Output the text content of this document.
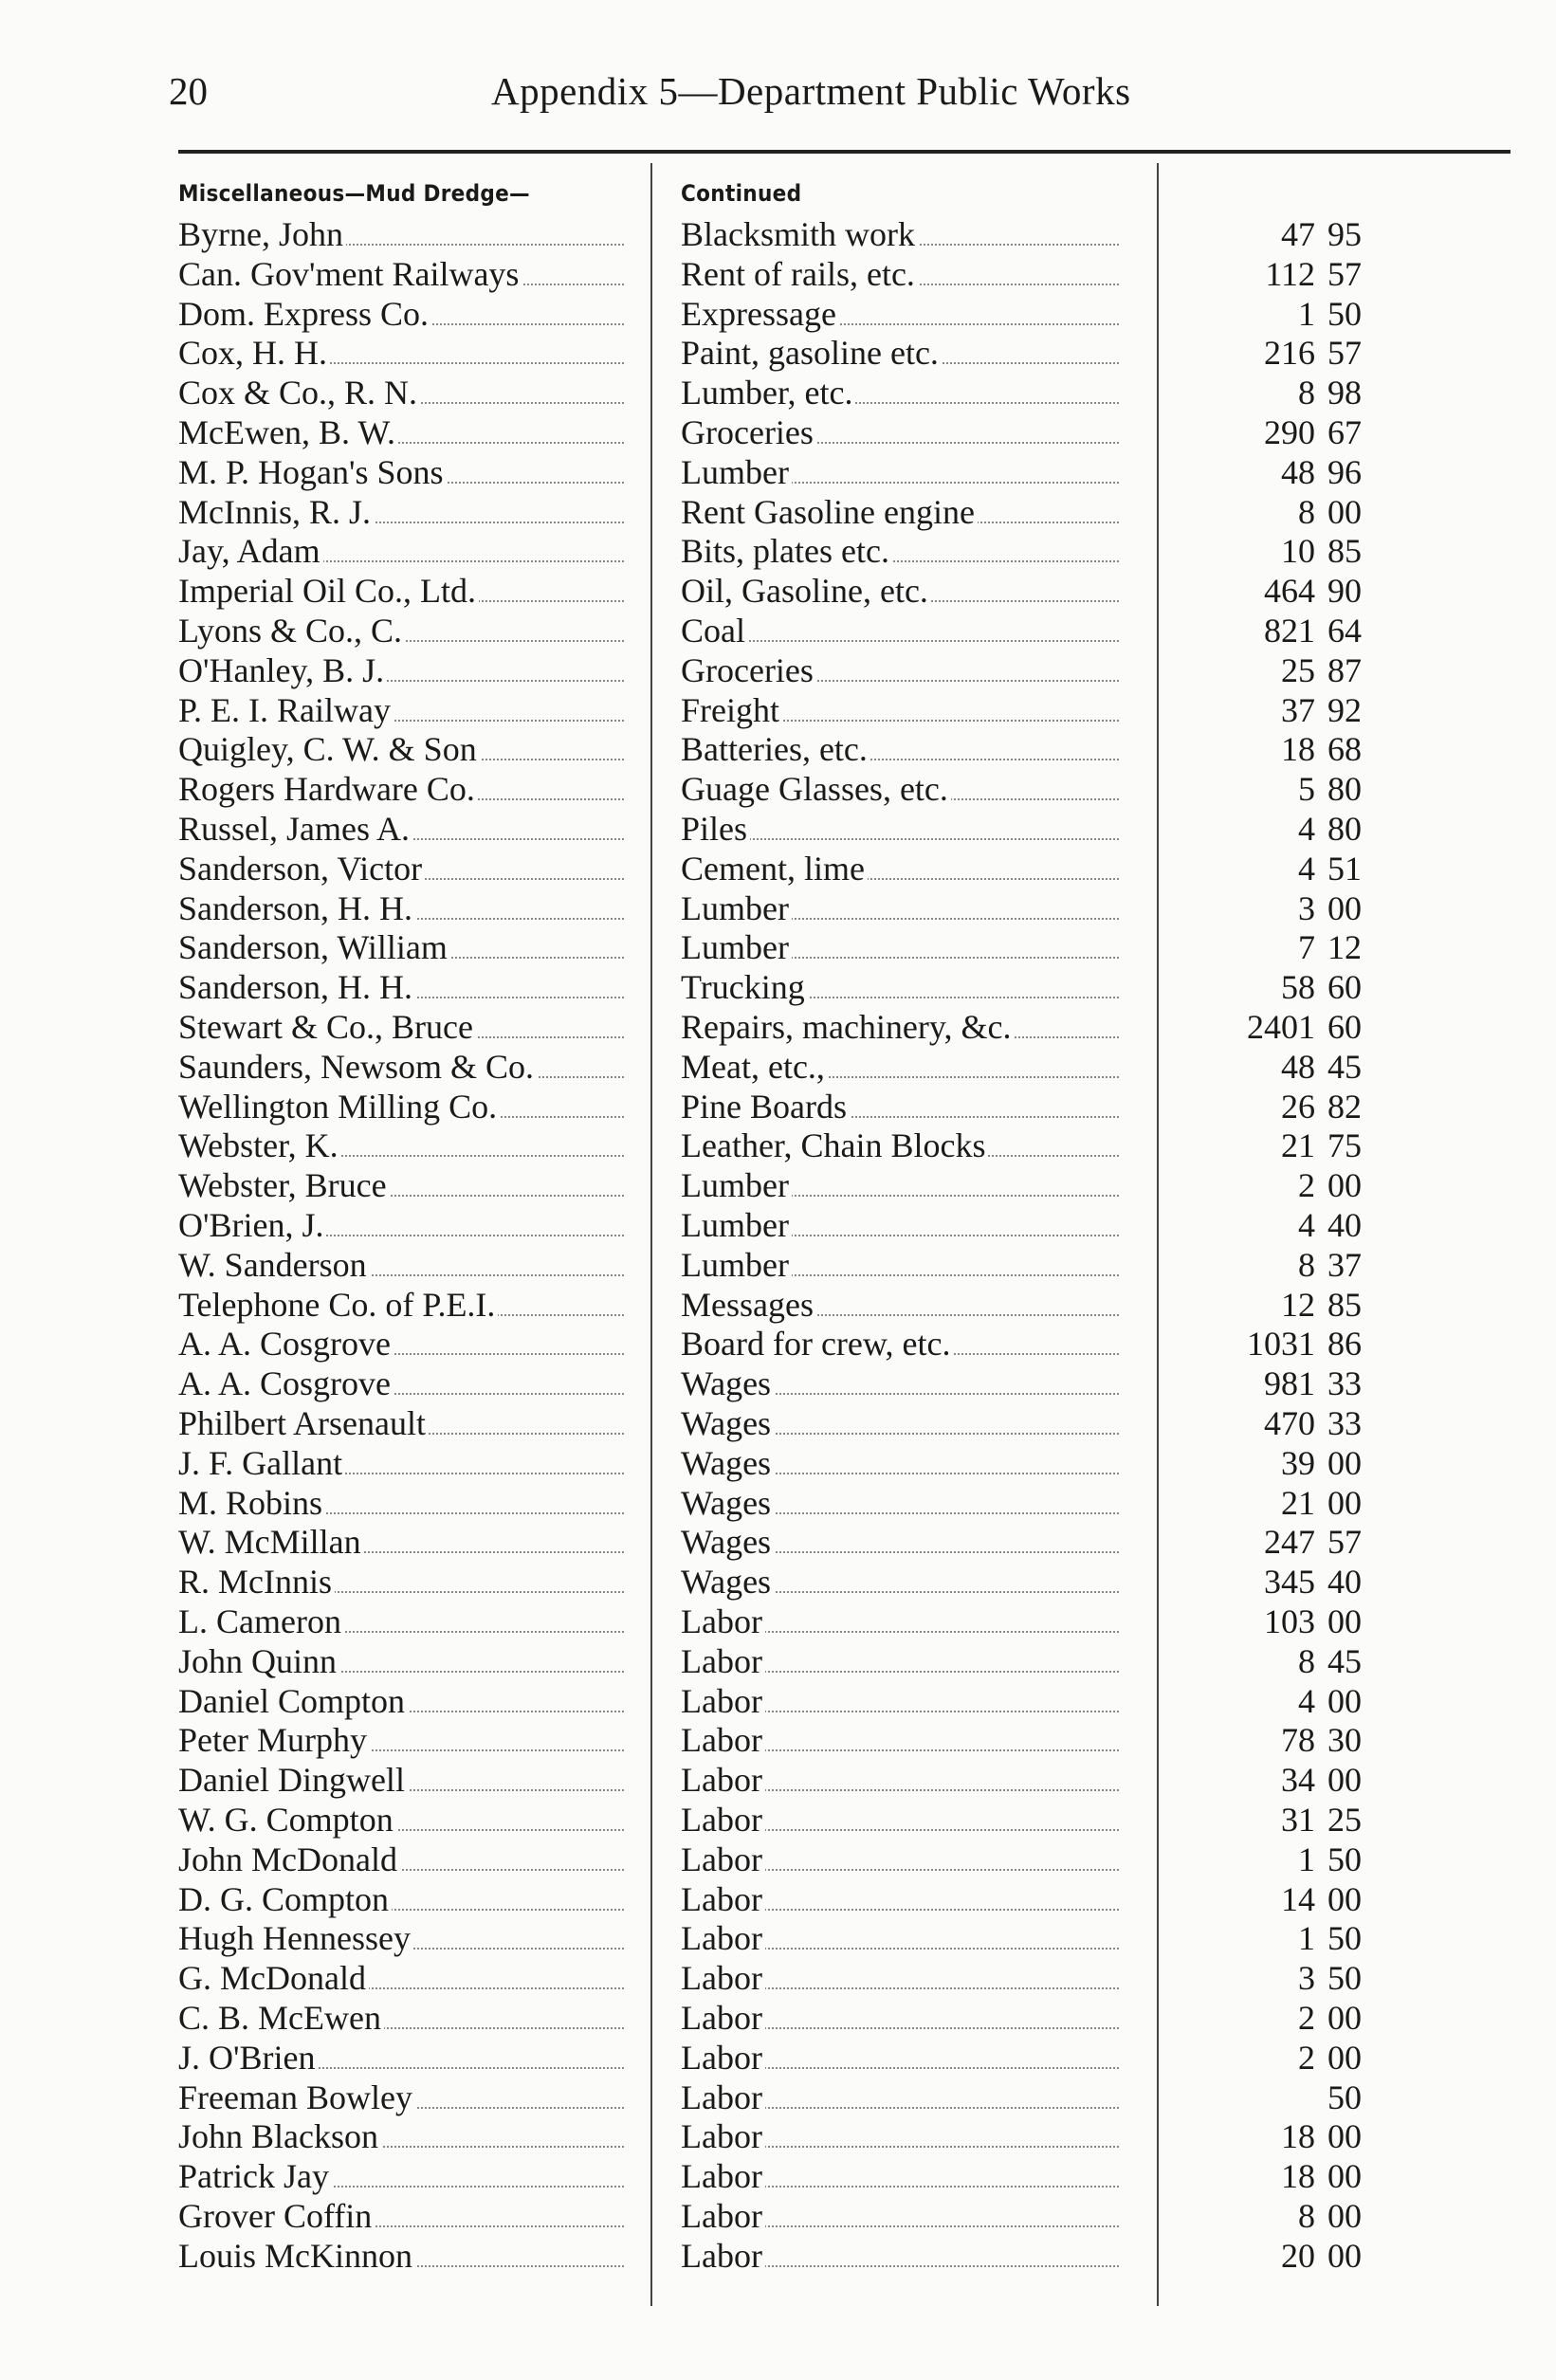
20	Appendix 5—Department Public Works
Miscellaneous—Mud Dredge—	Continued
Byrne, John	Blacksmith work	47 95
Can. Gov'ment Railways	Rent of rails, etc.	112 57
Dom. Express Co.	Expressage	1 50
Cox, H. H.	Paint, gasoline etc.	216 57
Cox & Co., R. N.	Lumber, etc.	8 98
McEwen, B. W.	Groceries	290 67
M. P. Hogan's Sons	Lumber	48 96
McInnis, R. J.	Rent Gasoline engine	8 00
Jay, Adam	Bits, plates etc.	10 85
Imperial Oil Co., Ltd.	Oil, Gasoline, etc.	464 90
Lyons & Co., C.	Coal	821 64
O'Hanley, B. J.	Groceries	25 87
P. E. I. Railway	Freight	37 92
Quigley, C. W. & Son	Batteries, etc.	18 68
Rogers Hardware Co.	Guage Glasses, etc.	5 80
Russel, James A.	Piles	4 80
Sanderson, Victor	Cement, lime	4 51
Sanderson, H. H.	Lumber	3 00
Sanderson, William	Lumber	7 12
Sanderson, H. H.	Trucking	58 60
Stewart & Co., Bruce	Repairs, machinery, &c.	2401 60
Saunders, Newsom & Co.	Meat, etc.,	48 45
Wellington Milling Co.	Pine Boards	26 82
Webster, K.	Leather, Chain Blocks	21 75
Webster, Bruce	Lumber	2 00
O'Brien, J.	Lumber	4 40
W. Sanderson	Lumber	8 37
Telephone Co. of P.E.I.	Messages	12 85
A. A. Cosgrove	Board for crew, etc.	1031 86
A. A. Cosgrove	Wages	981 33
Philbert Arsenault	Wages	470 33
J. F. Gallant	Wages	39 00
M. Robins	Wages	21 00
W. McMillan	Wages	247 57
R. McInnis	Wages	345 40
L. Cameron	Labor	103 00
John Quinn	Labor	8 45
Daniel Compton	Labor	4 00
Peter Murphy	Labor	78 30
Daniel Dingwell	Labor	34 00
W. G. Compton	Labor	31 25
John McDonald	Labor	1 50
D. G. Compton	Labor	14 00
Hugh Hennessey	Labor	1 50
G. McDonald	Labor	3 50
C. B. McEwen	Labor	2 00
J. O'Brien	Labor	2 00
Freeman Bowley	Labor	50
John Blackson	Labor	18 00
Patrick Jay	Labor	18 00
Grover Coffin	Labor	8 00
Louis McKinnon	Labor	20 00
